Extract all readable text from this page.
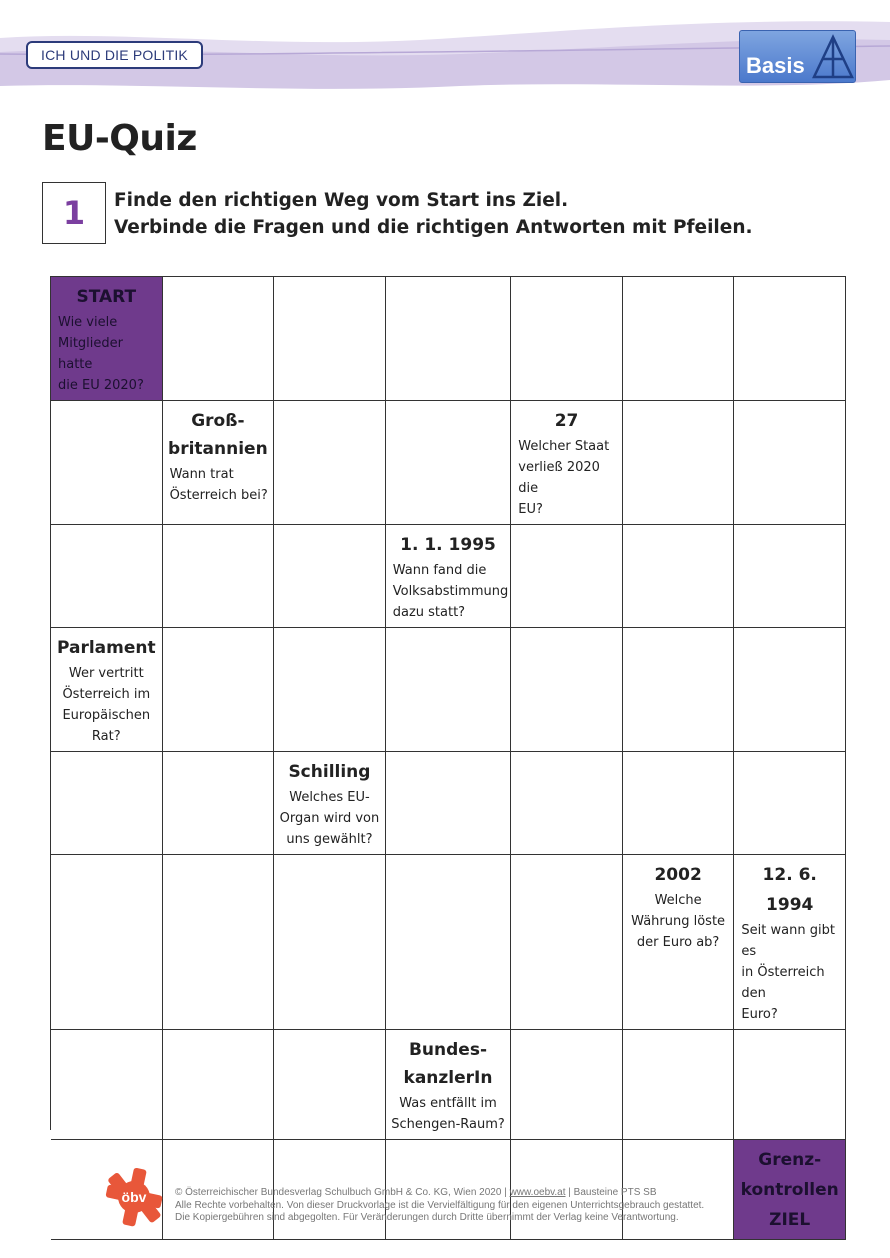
ICH UND DIE POLITIK	Basis
EU-Quiz
1	Finde den richtigen Weg vom Start ins Ziel.
Verbinde die Fragen und die richtigen Antworten mit Pfeilen.
START
Wie viele
Mitglieder hatte
die EU 2020?
Groß-
britannien
Wann trat
Österreich bei?
27
Welcher Staat
verließ 2020 die
EU?
1. 1. 1995
Wann fand die
Volksabstimmung
dazu statt?
Parlament
Wer vertritt
Österreich im
Europäischen Rat?
Schilling
Welches EU-
Organ wird von
uns gewählt?
2002
Welche
Währung löste
der Euro ab?
12. 6. 1994
Seit wann gibt es
in Österreich den
Euro?
Bundes-
kanzlerIn
Was entfällt im
Schengen-Raum?
Grenz-
kontrollen
ZIEL
öbv	© Österreichischer Bundesverlag Schulbuch GmbH & Co. KG, Wien 2020 | www.oebv.at | Bausteine PTS SB
Alle Rechte vorbehalten. Von dieser Druckvorlage ist die Vervielfältigung für den eigenen Unterrichtsgebrauch gestattet.
Die Kopiergebühren sind abgegolten. Für Veränderungen durch Dritte übernimmt der Verlag keine Verantwortung.
